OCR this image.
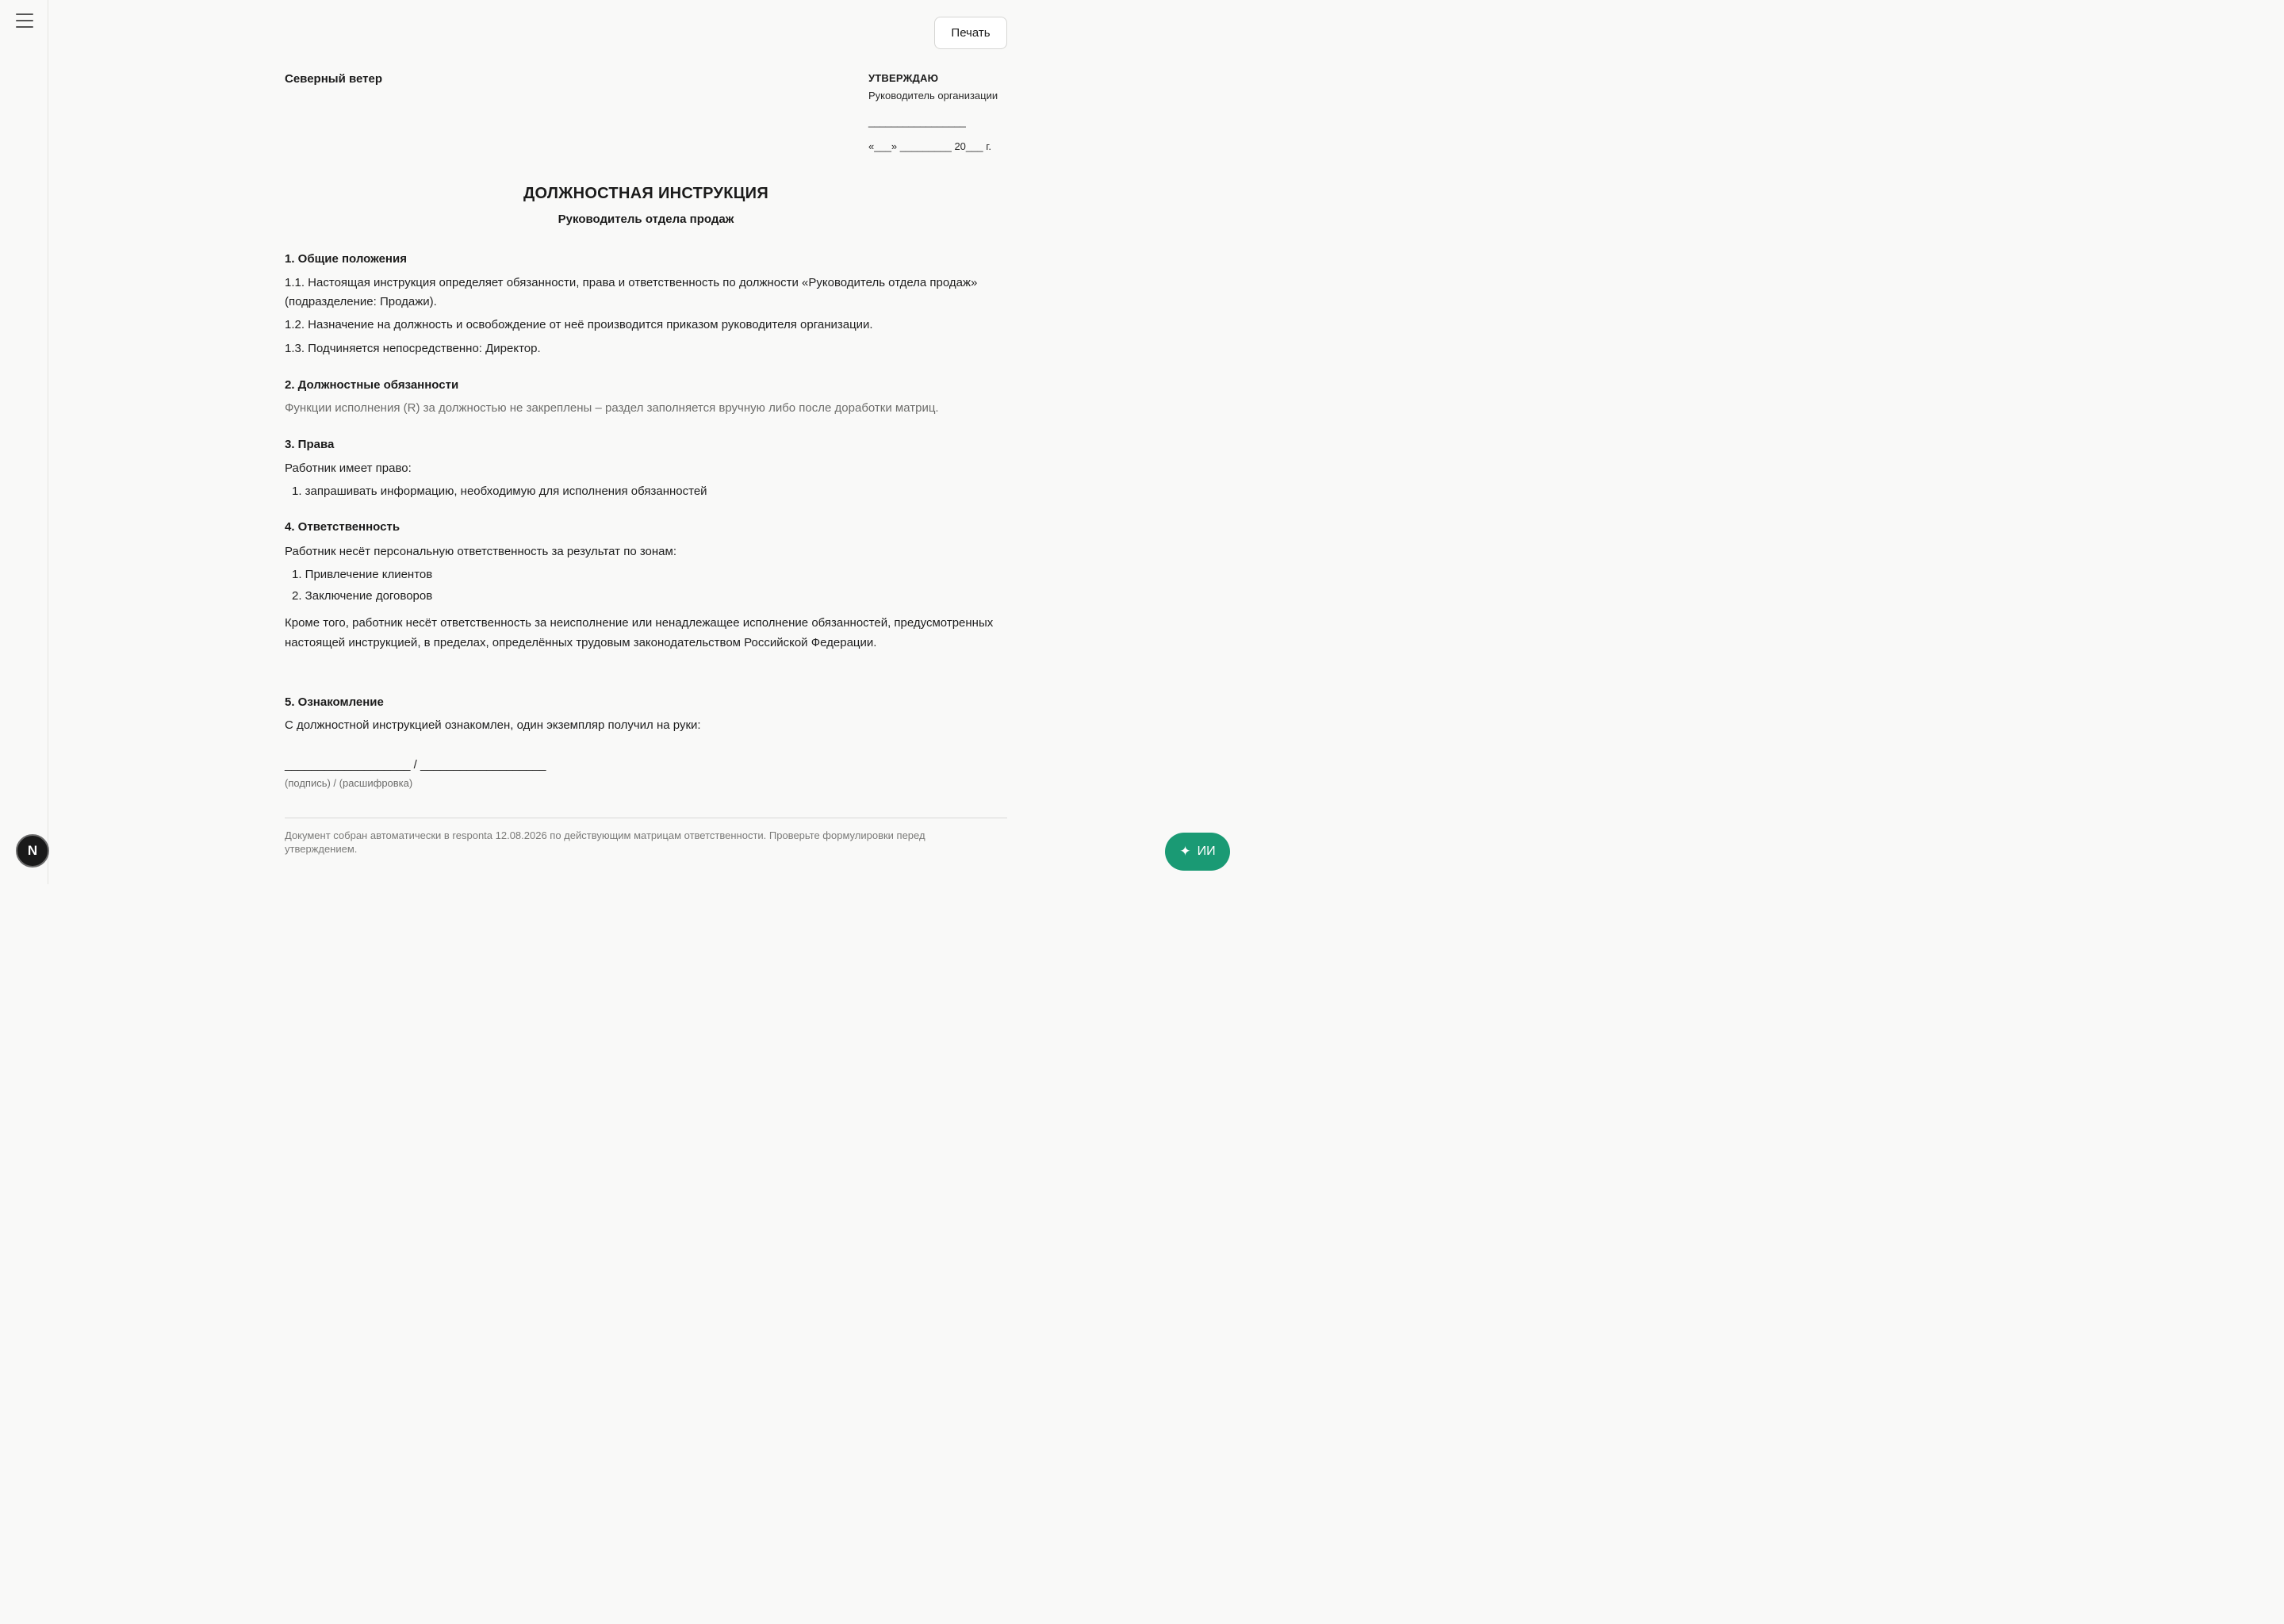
N
Печать
Северный ветер	УТВЕРЖДАЮ
Руководитель организации
_________________
«___» _________ 20___ г.
ДОЛЖНОСТНАЯ ИНСТРУКЦИЯ
Руководитель отдела продаж
1. Общие положения
1.1. Настоящая инструкция определяет обязанности, права и ответственность по должности «Руководитель отдела продаж» (подразделение: Продажи).
1.2. Назначение на должность и освобождение от неё производится приказом руководителя организации.
1.3. Подчиняется непосредственно: Директор.
2. Должностные обязанности
Функции исполнения (R) за должностью не закреплены – раздел заполняется вручную либо после доработки матриц.
3. Права
Работник имеет право:
1. запрашивать информацию, необходимую для исполнения обязанностей
4. Ответственность
Работник несёт персональную ответственность за результат по зонам:
1. Привлечение клиентов
2. Заключение договоров
Кроме того, работник несёт ответственность за неисполнение или ненадлежащее исполнение обязанностей, предусмотренных настоящей инструкцией, в пределах, определённых трудовым законодательством Российской Федерации.
5. Ознакомление
С должностной инструкцией ознакомлен, один экземпляр получил на руки:
___________________ / ___________________
(подпись) / (расшифровка)
Документ собран автоматически в responta 12.08.2026 по действующим матрицам ответственности. Проверьте формулировки перед утверждением.	✦ ИИ
